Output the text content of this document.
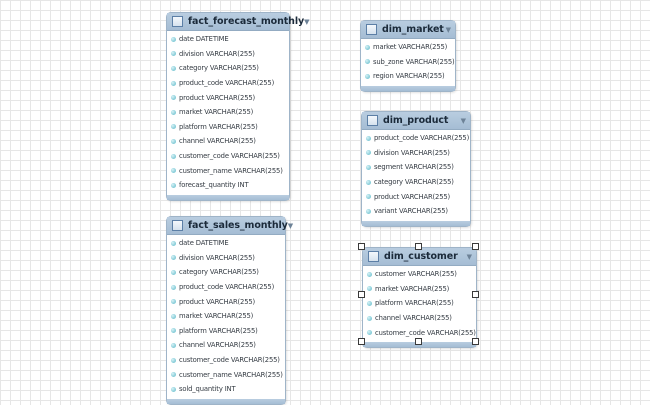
fact_forecast_monthly ▼
date DATETIME
division VARCHAR(255)
category VARCHAR(255)
product_code VARCHAR(255)
product VARCHAR(255)
market VARCHAR(255)
platform VARCHAR(255)
channel VARCHAR(255)
customer_code VARCHAR(255)
customer_name VARCHAR(255)
forecast_quantity INT
fact_sales_monthly ▼
date DATETIME
division VARCHAR(255)
category VARCHAR(255)
product_code VARCHAR(255)
product VARCHAR(255)
market VARCHAR(255)
platform VARCHAR(255)
channel VARCHAR(255)
customer_code VARCHAR(255)
customer_name VARCHAR(255)
sold_quantity INT
dim_market ▼
market VARCHAR(255)
sub_zone VARCHAR(255)
region VARCHAR(255)
dim_product	▼
product_code VARCHAR(255)
division VARCHAR(255)
segment VARCHAR(255)
category VARCHAR(255)
product VARCHAR(255)
variant VARCHAR(255)
dim_customer	▼
customer VARCHAR(255)
market VARCHAR(255)
platform VARCHAR(255)
channel VARCHAR(255)
customer_code VARCHAR(255)
